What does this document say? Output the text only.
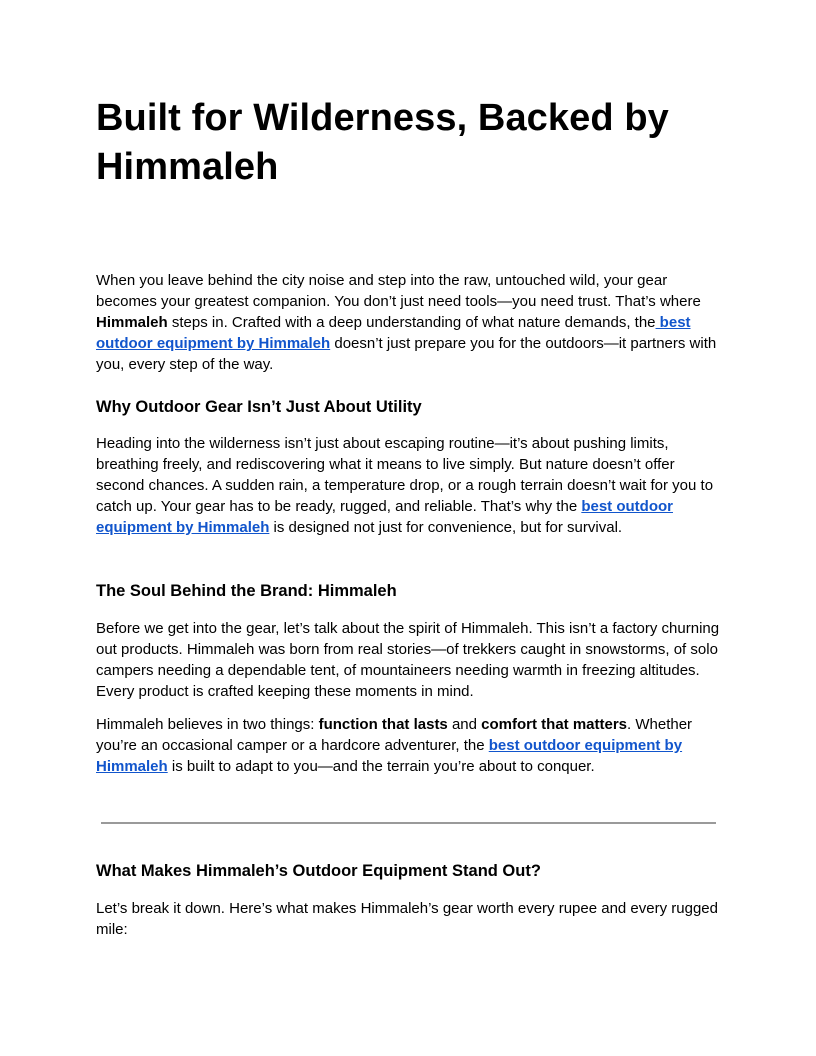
Built for Wilderness, Backed by Himmaleh

When you leave behind the city noise and step into the raw, untouched wild, your gear becomes your greatest companion. You don’t just need tools—you need trust. That’s where Himmaleh steps in. Crafted with a deep understanding of what nature demands, the best outdoor equipment by Himmaleh doesn’t just prepare you for the outdoors—it partners with you, every step of the way.

Why Outdoor Gear Isn’t Just About Utility

Heading into the wilderness isn’t just about escaping routine—it’s about pushing limits, breathing freely, and rediscovering what it means to live simply. But nature doesn’t offer second chances. A sudden rain, a temperature drop, or a rough terrain doesn’t wait for you to catch up. Your gear has to be ready, rugged, and reliable. That’s why the best outdoor equipment by Himmaleh is designed not just for convenience, but for survival.

The Soul Behind the Brand: Himmaleh

Before we get into the gear, let’s talk about the spirit of Himmaleh. This isn’t a factory churning out products. Himmaleh was born from real stories—of trekkers caught in snowstorms, of solo campers needing a dependable tent, of mountaineers needing warmth in freezing altitudes. Every product is crafted keeping these moments in mind.

Himmaleh believes in two things: function that lasts and comfort that matters. Whether you’re an occasional camper or a hardcore adventurer, the best outdoor equipment by Himmaleh is built to adapt to you—and the terrain you’re about to conquer.

What Makes Himmaleh’s Outdoor Equipment Stand Out?

Let’s break it down. Here’s what makes Himmaleh’s gear worth every rupee and every rugged mile:
